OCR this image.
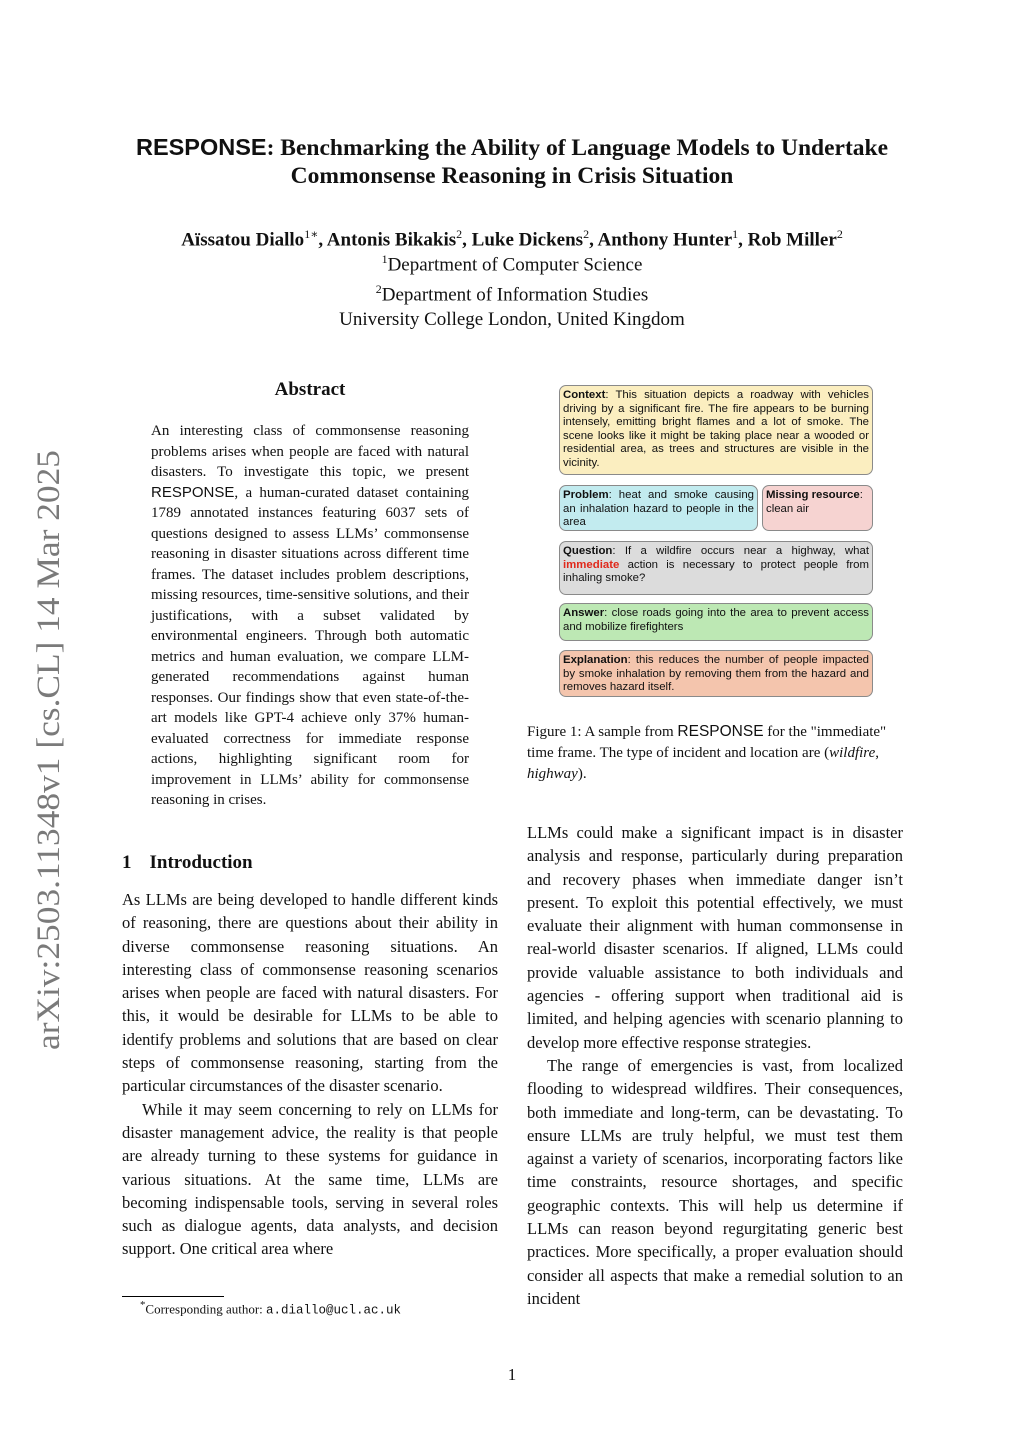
arXiv:2503.11348v1 [cs.CL] 14 Mar 2025
RESPONSE: Benchmarking the Ability of Language Models to Undertake
Commonsense Reasoning in Crisis Situation
Aïssatou Diallo$^{1∗}$, Antonis Bikakis$^2$, Luke Dickens$^2$, Anthony Hunter$^1$, Rob Miller$^2$
$^1$Department of Computer Science
$^2$Department of Information Studies
University College London, United Kingdom
Abstract
An interesting class of commonsense reasoning problems arises when people are faced with natural disasters. To investigate this topic, we present RESPONSE, a human-curated dataset containing 1789 annotated instances featuring 6037 sets of questions designed to assess LLMs’ commonsense reasoning in disaster situations across different time frames. The dataset includes problem descriptions, missing resources, time-sensitive solutions, and their justifications, with a subset validated by environmental engineers. Through both automatic metrics and human evaluation, we compare LLM-generated recommendations against human responses. Our findings show that even state-of-the-art models like GPT-4 achieve only 37% human-evaluated correctness for immediate response actions, highlighting significant room for improvement in LLMs’ ability for commonsense reasoning in crises.
1 Introduction

As LLMs are being developed to handle different kinds of reasoning, there are questions about their ability in diverse commonsense reasoning situations. An interesting class of commonsense reasoning scenarios arises when people are faced with natural disasters. For this, it would be desirable for LLMs to be able to identify problems and solutions that are based on clear steps of commonsense reasoning, starting from the particular circumstances of the disaster scenario.

While it may seem concerning to rely on LLMs for disaster management advice, the reality is that people are already turning to these systems for guidance in various situations. At the same time, LLMs are becoming indispensable tools, serving in several roles such as dialogue agents, data analysts, and decision support. One critical area where

LLMs could make a significant impact is in disaster analysis and response, particularly during preparation and recovery phases when immediate danger isn’t present. To exploit this potential effectively, we must evaluate their alignment with human commonsense in real-world disaster scenarios. If aligned, LLMs could provide valuable assistance to both individuals and agencies - offering support when traditional aid is limited, and helping agencies with scenario planning to develop more effective response strategies.

The range of emergencies is vast, from localized flooding to widespread wildfires. Their consequences, both immediate and long-term, can be devastating. To ensure LLMs are truly helpful, we must test them against a variety of scenarios, incorporating factors like time constraints, resource shortages, and specific geographic contexts. This will help us determine if LLMs can reason beyond regurgitating generic best practices. More specifically, a proper evaluation should consider all aspects that make a remedial solution to an incident

Context: This situation depicts a roadway with vehicles driving by a significant fire. The fire appears to be burning intensely, emitting bright flames and a lot of smoke. The scene looks like it might be taking place near a wooded or residential area, as trees and structures are visible in the vicinity.
Problem: heat and smoke causing an inhalation hazard to people in the area
Missing resource: clean air
Question: If a wildfire occurs near a highway, what immediate action is necessary to protect people from inhaling smoke?
Answer: close roads going into the area to prevent access and mobilize firefighters
Explanation: this reduces the number of people impacted by smoke inhalation by removing them from the hazard and removes hazard itself.
Figure 1: A sample from RESPONSE for the "immediate" time frame. The type of incident and location are (wildfire, highway).
*Corresponding author: a.diallo@ucl.ac.uk
1
